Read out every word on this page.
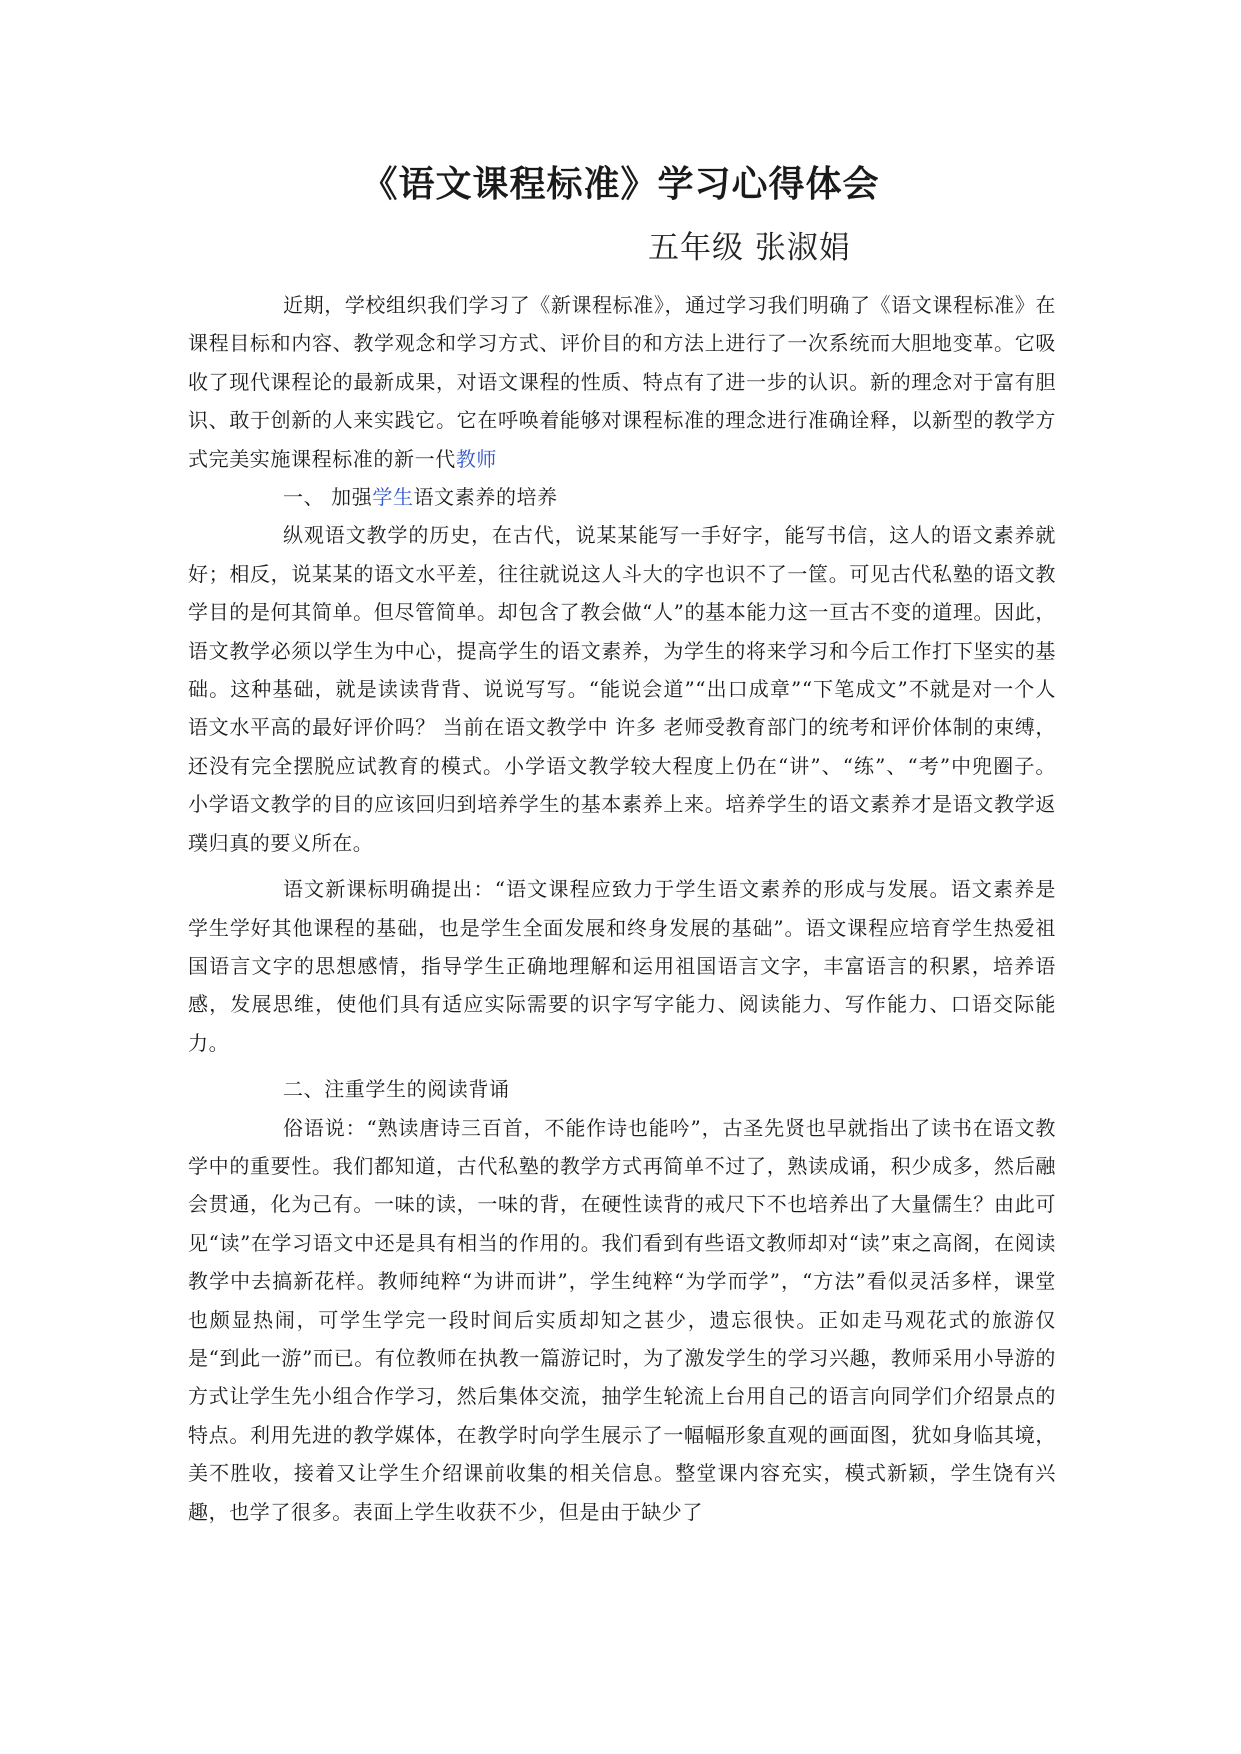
《语文课程标准》学习心得体会
五年级 张淑娟

近期，学校组织我们学习了《新课程标准》，通过学习我们明确了《语文课程标准》在课程目标和内容、教学观念和学习方式、评价目的和方法上进行了一次系统而大胆地变革。它吸收了现代课程论的最新成果，对语文课程的性质、特点有了进一步的认识。新的理念对于富有胆识、敢于创新的人来实践它。它在呼唤着能够对课程标准的理念进行准确诠释，以新型的教学方式完美实施课程标准的新一代教师

一、 加强学生语文素养的培养

纵观语文教学的历史，在古代，说某某能写一手好字，能写书信，这人的语文素养就好；相反，说某某的语文水平差，往往就说这人斗大的字也识不了一筐。可见古代私塾的语文教学目的是何其简单。但尽管简单。却包含了教会做“人”的基本能力这一亘古不变的道理。因此，语文教学必须以学生为中心，提高学生的语文素养，为学生的将来学习和今后工作打下坚实的基础。这种基础，就是读读背背、说说写写。“能说会道”“出口成章”“下笔成文”不就是对一个人语文水平高的最好评价吗？ 当前在语文教学中 许多 老师受教育部门的统考和评价体制的束缚，还没有完全摆脱应试教育的模式。小学语文教学较大程度上仍在“讲”、“练”、“考”中兜圈子。小学语文教学的目的应该回归到培养学生的基本素养上来。培养学生的语文素养才是语文教学返璞归真的要义所在。

语文新课标明确提出：“语文课程应致力于学生语文素养的形成与发展。语文素养是学生学好其他课程的基础，也是学生全面发展和终身发展的基础”。语文课程应培育学生热爱祖国语言文字的思想感情，指导学生正确地理解和运用祖国语言文字，丰富语言的积累，培养语感，发展思维，使他们具有适应实际需要的识字写字能力、阅读能力、写作能力、口语交际能力。

二、注重学生的阅读背诵

俗语说：“熟读唐诗三百首，不能作诗也能吟”，古圣先贤也早就指出了读书在语文教学中的重要性。我们都知道，古代私塾的教学方式再简单不过了，熟读成诵，积少成多，然后融会贯通，化为己有。一味的读，一味的背，在硬性读背的戒尺下不也培养出了大量儒生？由此可见“读”在学习语文中还是具有相当的作用的。我们看到有些语文教师却对“读”束之高阁，在阅读教学中去搞新花样。教师纯粹“为讲而讲”，学生纯粹“为学而学”，“方法”看似灵活多样，课堂也颇显热闹，可学生学完一段时间后实质却知之甚少，遗忘很快。正如走马观花式的旅游仅是“到此一游”而已。有位教师在执教一篇游记时，为了激发学生的学习兴趣，教师采用小导游的方式让学生先小组合作学习，然后集体交流，抽学生轮流上台用自己的语言向同学们介绍景点的特点。利用先进的教学媒体，在教学时向学生展示了一幅幅形象直观的画面图，犹如身临其境，美不胜收，接着又让学生介绍课前收集的相关信息。整堂课内容充实，模式新颖，学生饶有兴趣，也学了很多。表面上学生收获不少，但是由于缺少了
